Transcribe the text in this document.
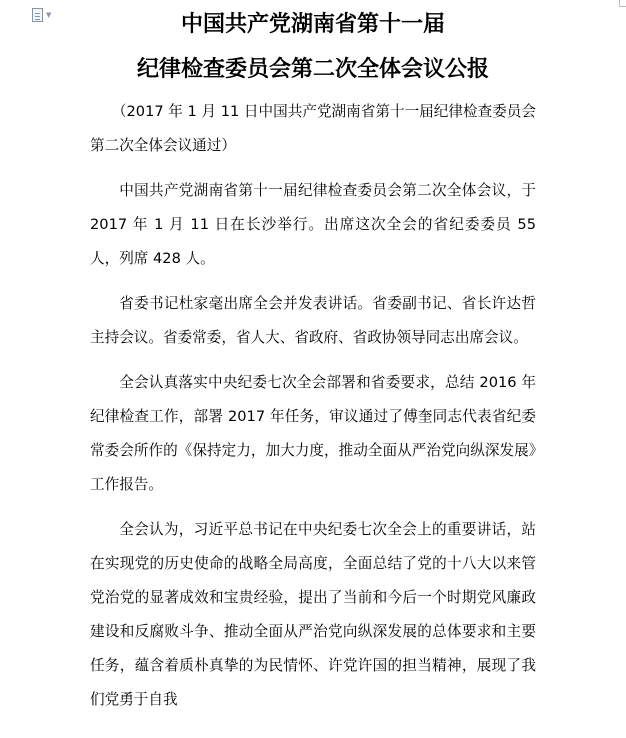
▼	中国共产党湖南省第十一届
纪律检查委员会第二次全体会议公报

（2017 年 1 月 11 日中国共产党湖南省第十一届纪律检查委员会第二次全体会议通过）

中国共产党湖南省第十一届纪律检查委员会第二次全体会议，于 2017 年 1 月 11 日在长沙举行。出席这次全会的省纪委委员 55 人，列席 428 人。

省委书记杜家毫出席全会并发表讲话。省委副书记、省长许达哲主持会议。省委常委，省人大、省政府、省政协领导同志出席会议。

全会认真落实中央纪委七次全会部署和省委要求，总结 2016 年纪律检查工作，部署 2017 年任务，审议通过了傅奎同志代表省纪委常委会所作的《保持定力，加大力度，推动全面从严治党向纵深发展》工作报告。

全会认为，习近平总书记在中央纪委七次全会上的重要讲话，站在实现党的历史使命的战略全局高度，全面总结了党的十八大以来管党治党的显著成效和宝贵经验，提出了当前和今后一个时期党风廉政建设和反腐败斗争、推动全面从严治党向纵深发展的总体要求和主要任务，蕴含着质朴真挚的为民情怀、许党许国的担当精神，展现了我们党勇于自我
